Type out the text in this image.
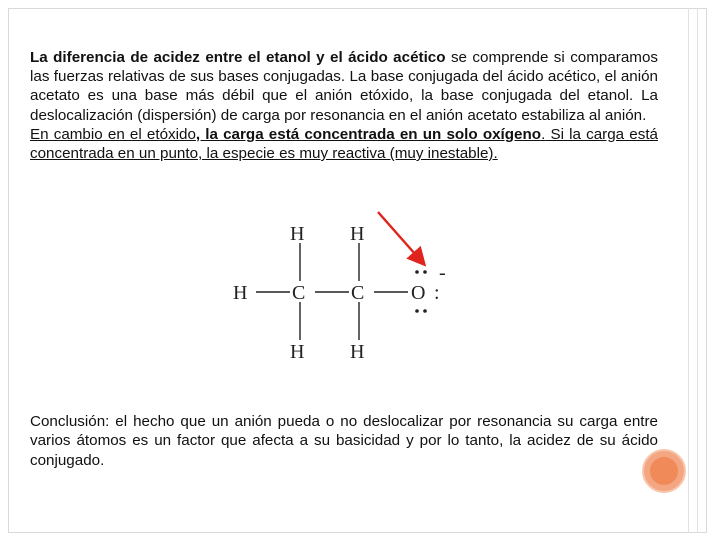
La diferencia de acidez entre el etanol y el ácido acético se comprende si comparamos las fuerzas relativas de sus bases conjugadas. La base conjugada del ácido acético, el anión acetato es una base más débil que el anión etóxido, la base conjugada del etanol. La deslocalización (dispersión) de carga por resonancia en el anión acetato estabiliza al anión.

En cambio en el etóxido, la carga está concentrada en un solo oxígeno. Si la carga está concentrada en un punto, la especie es muy reactiva (muy inestable).

H H
H C C O
H H
:
-

Conclusión: el hecho que un anión pueda o no deslocalizar por resonancia su carga entre varios átomos es un factor que afecta a su basicidad y por lo tanto, la acidez de su ácido conjugado.
